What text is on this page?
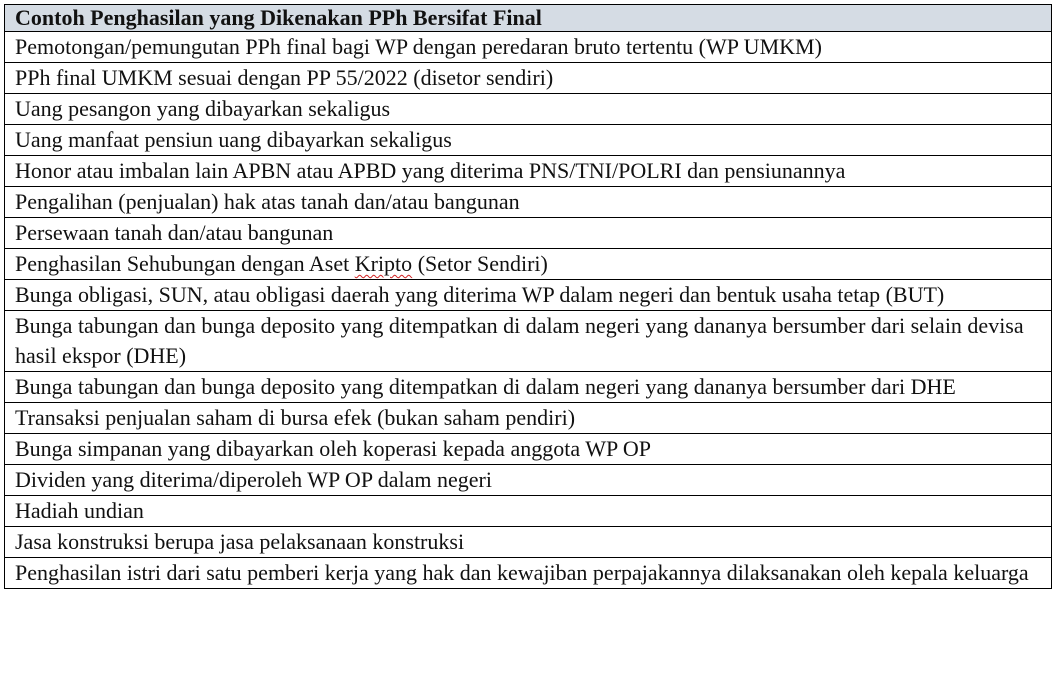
Contoh Penghasilan yang Dikenakan PPh Bersifat Final
Pemotongan/pemungutan PPh final bagi WP dengan peredaran bruto tertentu (WP UMKM)
PPh final UMKM sesuai dengan PP 55/2022 (disetor sendiri)
Uang pesangon yang dibayarkan sekaligus
Uang manfaat pensiun uang dibayarkan sekaligus
Honor atau imbalan lain APBN atau APBD yang diterima PNS/TNI/POLRI dan pensiunannya
Pengalihan (penjualan) hak atas tanah dan/atau bangunan
Persewaan tanah dan/atau bangunan
Penghasilan Sehubungan dengan Aset Kripto (Setor Sendiri)
Bunga obligasi, SUN, atau obligasi daerah yang diterima WP dalam negeri dan bentuk usaha tetap (BUT)
Bunga tabungan dan bunga deposito yang ditempatkan di dalam negeri yang dananya bersumber dari selain devisa hasil ekspor (DHE)
Bunga tabungan dan bunga deposito yang ditempatkan di dalam negeri yang dananya bersumber dari DHE
Transaksi penjualan saham di bursa efek (bukan saham pendiri)
Bunga simpanan yang dibayarkan oleh koperasi kepada anggota WP OP
Dividen yang diterima/diperoleh WP OP dalam negeri
Hadiah undian
Jasa konstruksi berupa jasa pelaksanaan konstruksi
Penghasilan istri dari satu pemberi kerja yang hak dan kewajiban perpajakannya dilaksanakan oleh kepala keluarga
